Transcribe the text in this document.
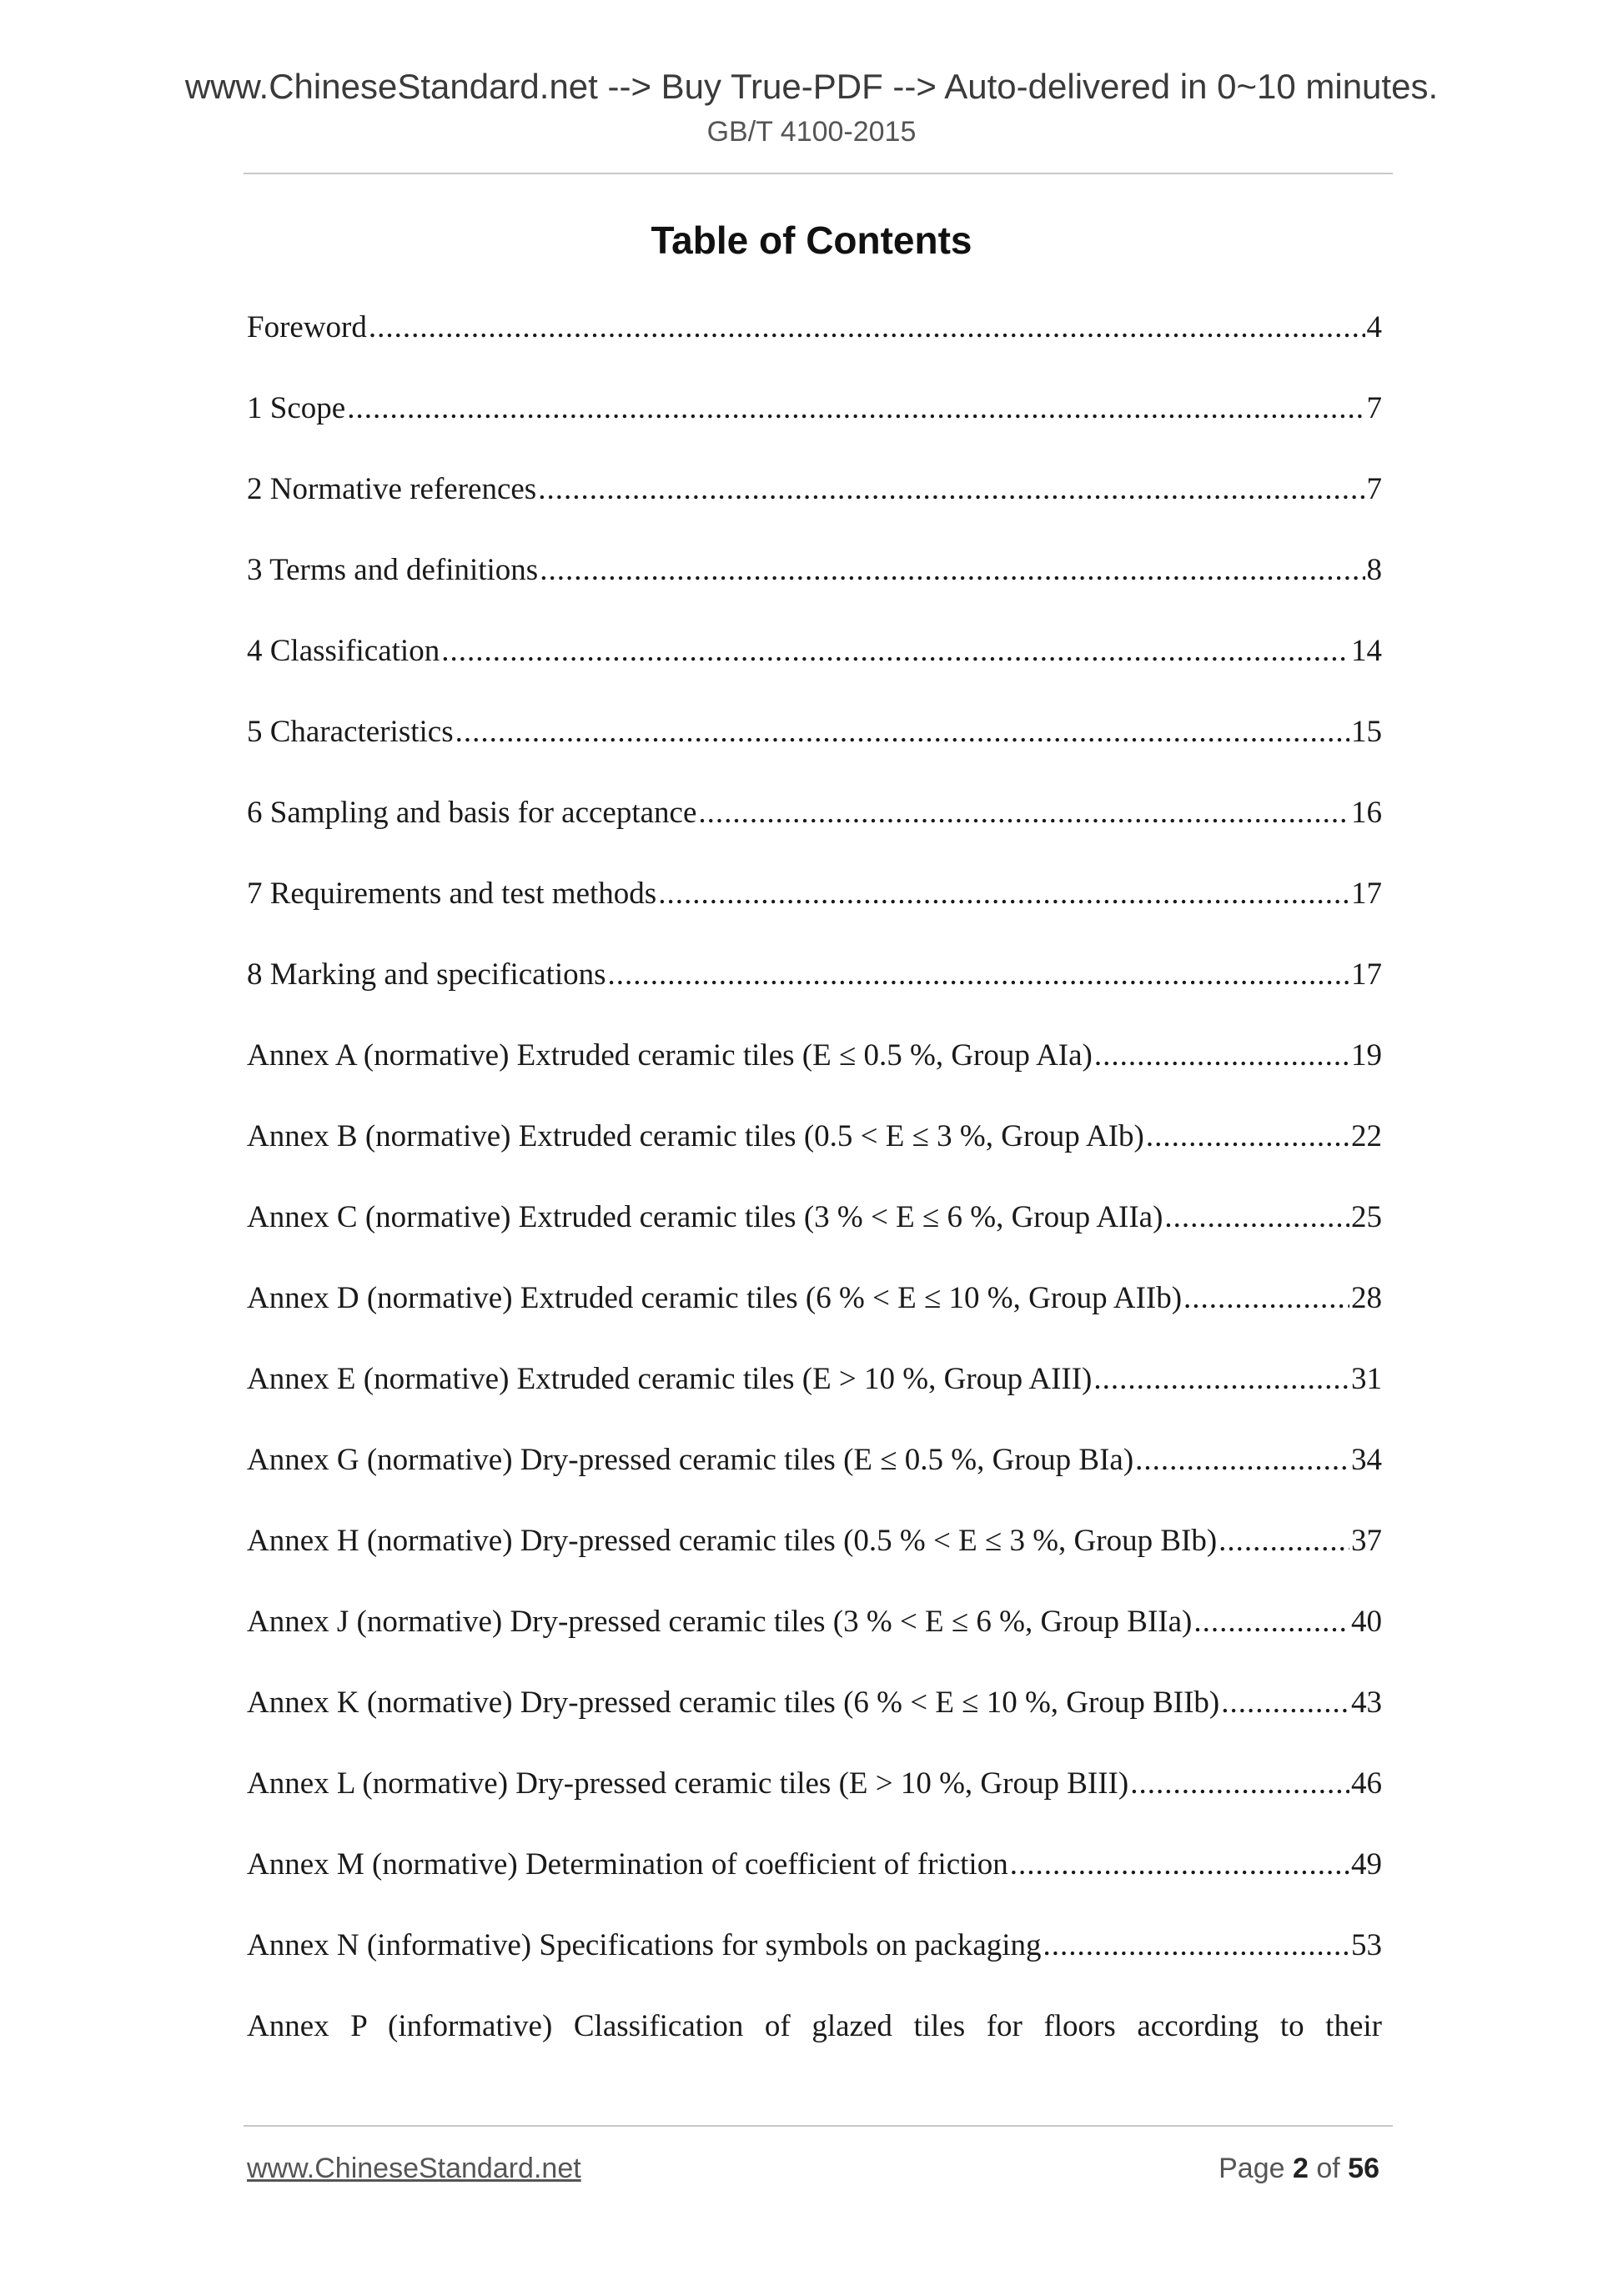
www.ChineseStandard.net --> Buy True-PDF --> Auto-delivered in 0~10 minutes.
GB/T 4100-2015
Table of Contents
Foreword .....	4
1 Scope .....	7
2 Normative references .....	7
3 Terms and definitions .....	8
4 Classification .....	14
5 Characteristics .....	15
6 Sampling and basis for acceptance .....	16
7 Requirements and test methods .....	17
8 Marking and specifications .....	17
Annex A (normative) Extruded ceramic tiles (E ≤ 0.5 %, Group AIa) .....	19
Annex B (normative) Extruded ceramic tiles (0.5 < E ≤ 3 %, Group AIb) .....	22
Annex C (normative) Extruded ceramic tiles (3 % < E ≤ 6 %, Group AIIa) .....	25
Annex D (normative) Extruded ceramic tiles (6 % < E ≤ 10 %, Group AIIb) .....	28
Annex E (normative) Extruded ceramic tiles (E > 10 %, Group AIII) .....	31
Annex G (normative) Dry-pressed ceramic tiles (E ≤ 0.5 %, Group BIa) .....	34
Annex H (normative) Dry-pressed ceramic tiles (0.5 % < E ≤ 3 %, Group BIb) .....	37
Annex J (normative) Dry-pressed ceramic tiles (3 % < E ≤ 6 %, Group BIIa) .....	40
Annex K (normative) Dry-pressed ceramic tiles (6 % < E ≤ 10 %, Group BIIb) .....	43
Annex L (normative) Dry-pressed ceramic tiles (E > 10 %, Group BIII) .....	46
Annex M (normative) Determination of coefficient of friction .....	49
Annex N (informative) Specifications for symbols on packaging .....	53
Annex P (informative) Classification of glazed tiles for floors according to their
www.ChineseStandard.net	Page 2 of 56
